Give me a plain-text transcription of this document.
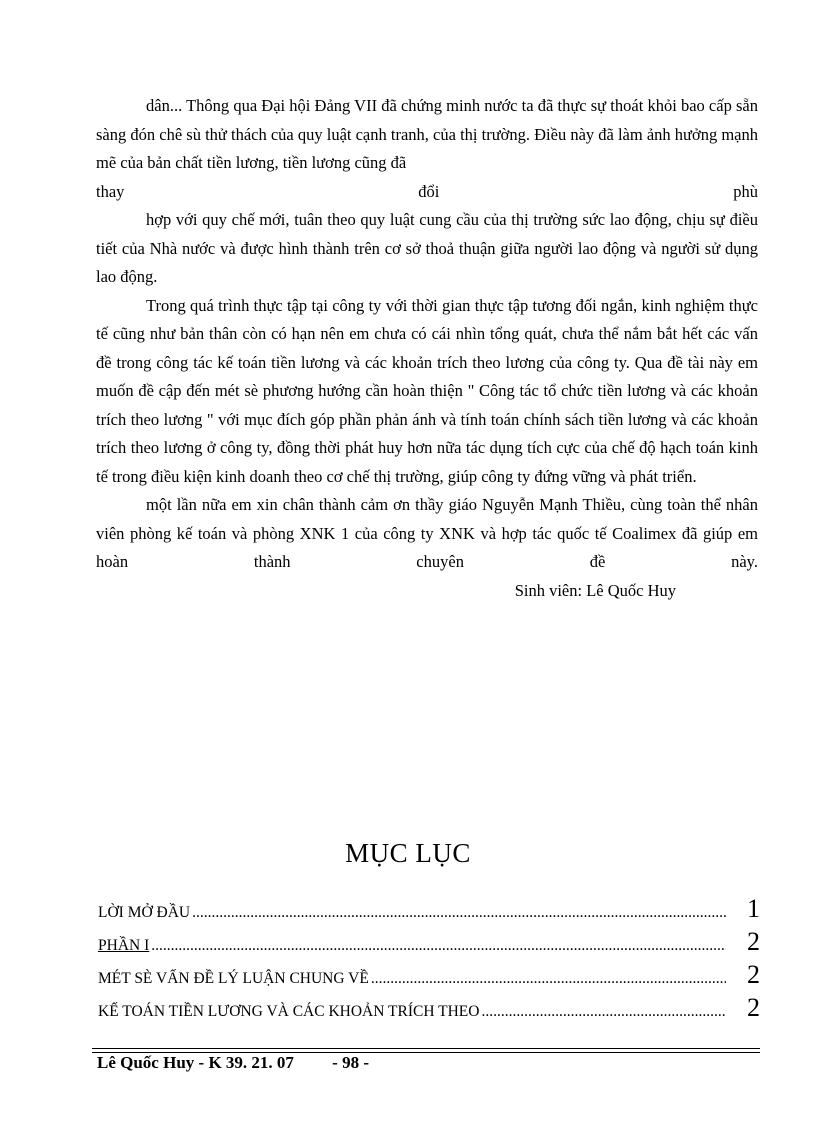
dân... Thông qua Đại hội Đảng VII đã chứng minh nước ta đã thực sự thoát khỏi bao cấp sẵn sàng đón chê sù thử thách của quy luật cạnh tranh, của thị trường. Điều này đã làm ảnh hưởng mạnh mẽ của bản chất tiền lương, tiền lương cũng đã

thay	đổi	phù

hợp với quy chế mới, tuân theo quy luật cung cầu của thị trường sức lao động, chịu sự điều tiết của Nhà nước và được hình thành trên cơ sở thoả thuận giữa người lao động và người sử dụng lao động.

Trong quá trình thực tập tại công ty với thời gian thực tập tương đối ngắn, kinh nghiệm thực tế cũng như bản thân còn có hạn nên em chưa có cái nhìn tổng quát, chưa thể nắm bắt hết các vấn đề trong công tác kế toán tiền lương và các khoản trích theo lương của công ty. Qua đề tài này em muốn đề cập đến mét sè phương hướng cần hoàn thiện " Công tác tổ chức tiền lương và các khoản trích theo lương " với mục đích góp phần phản ánh và tính toán chính sách tiền lương và các khoản trích theo lương ở công ty, đồng thời phát huy hơn nữa tác dụng tích cực của chế độ hạch toán kinh tế trong điều kiện kinh doanh theo cơ chế thị trường, giúp công ty đứng vững và phát triển.

một lần nữa em xin chân thành cảm ơn thầy giáo Nguyễn Mạnh Thiều, cùng toàn thể nhân viên phòng kế toán và phòng XNK 1 của công ty XNK và hợp tác quốc tế Coalimex đã giúp em hoàn thành chuyên đề này.

Sinh viên: Lê Quốc Huy

MỤC LỤC
LỜI MỞ ĐẦU .....	1
PHẦN I .....	2
MÉT SÈ VẤN ĐỀ LÝ LUẬN CHUNG VỀ .....	2
KẾ TOÁN TIỀN LƯƠNG VÀ CÁC KHOẢN TRÍCH THEO .....	2
Lê Quốc Huy - K 39. 21. 07 - 98 -
